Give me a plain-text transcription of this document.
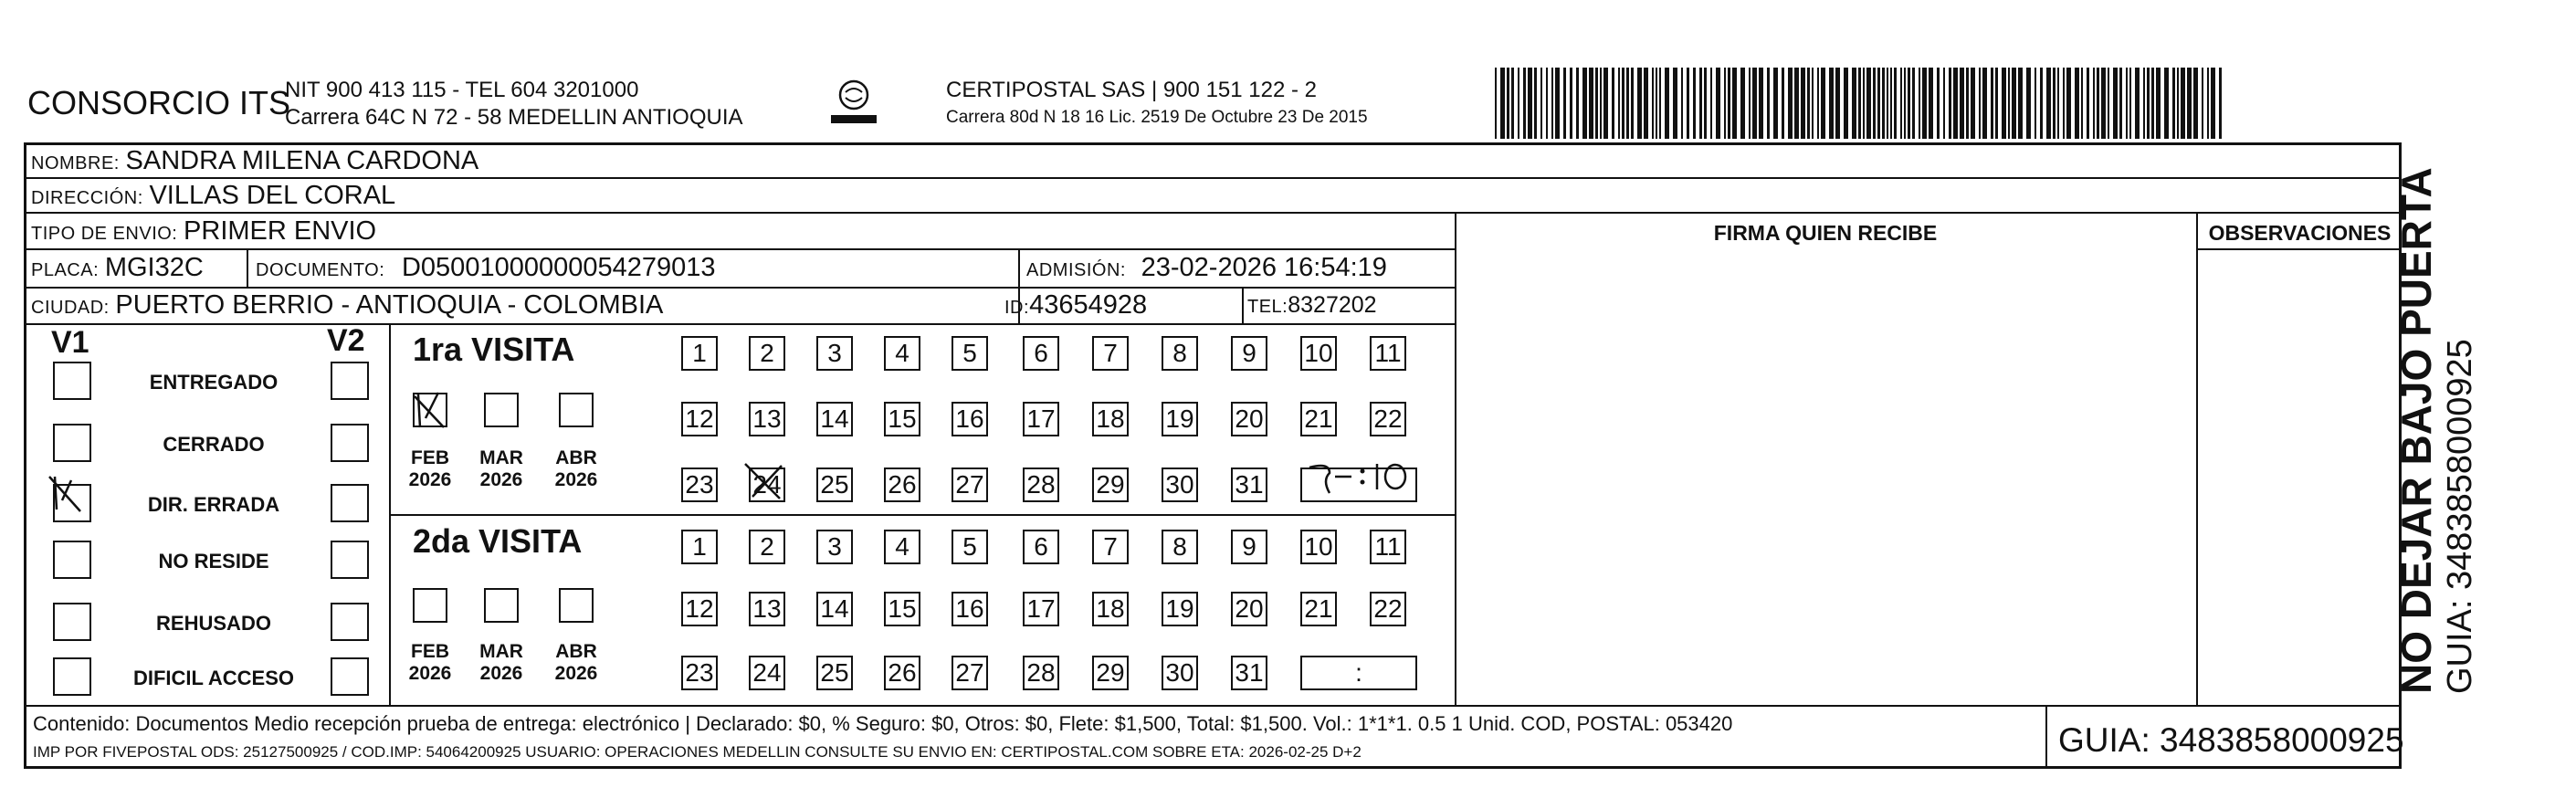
CONSORCIO ITS
NIT 900 413 115 - TEL 604 3201000
Carrera 64C N 72 - 58 MEDELLIN ANTIOQUIA
CERTIPOSTAL SAS | 900 151 122 - 2
Carrera 80d N 18 16 Lic. 2519 De Octubre 23 De 2015
NOMBRE: SANDRA MILENA CARDONA
DIRECCIÓN: VILLAS DEL CORAL
TIPO DE ENVIO: PRIMER ENVIO
PLACA: MGI32C	DOCUMENTO: D05001000000054279013	ADMISIÓN: 23-02-2026 16:54:19
CIUDAD: PUERTO BERRIO - ANTIOQUIA - COLOMBIA	ID:43654928	TEL:8327202
FIRMA QUIEN RECIBE	OBSERVACIONES
V1	V2
ENTREGADO
CERRADO
DIR. ERRADA
NO RESIDE
REHUSADO
DIFICIL ACCESO
1ra VISITA
2da VISITA
FEB
2026
MAR
2026
ABR
2026
FEB
2026
MAR
2026
ABR
2026
1	2	3	4	5	6	7	8	9	10 11
12 13 14 15 16 17 18 19 20 21 22
23 24 25 26 27 28 29 30 31
1	2	3	4	5	6	7	8	9	10 11
12 13 14 15 16 17 18 19 20 21 22
23 24 25 26 27 28 29 30 31	:
Contenido: Documentos Medio recepción prueba de entrega: electrónico | Declarado: $0, % Seguro: $0, Otros: $0, Flete: $1,500, Total: $1,500. Vol.: 1*1*1. 0.5 1 Unid. COD, POSTAL: 053420
IMP POR FIVEPOSTAL ODS: 25127500925 / COD.IMP: 54064200925 USUARIO: OPERACIONES MEDELLIN CONSULTE SU ENVIO EN: CERTIPOSTAL.COM SOBRE ETA: 2026-02-25 D+2	GUIA: 3483858000925
NO DEJAR BAJO PUERTA GUIA: 3483858000925
